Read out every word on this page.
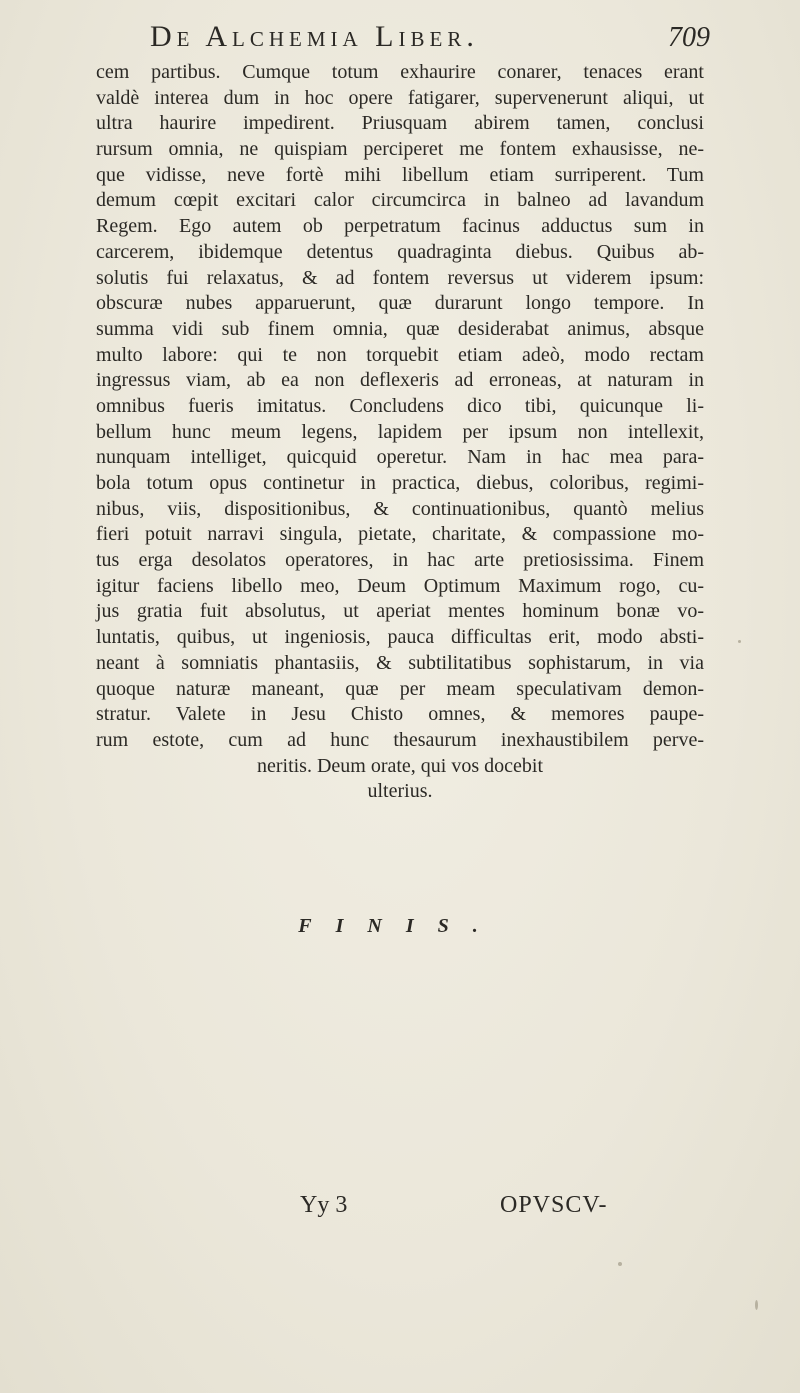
De Alchemia Liber.	709
cem partibus. Cumque totum exhaurire conarer, tenaces erant
valdè interea dum in hoc opere fatigarer, supervenerunt aliqui, ut
ultra haurire impedirent. Priusquam abirem tamen, conclusi
rursum omnia, ne quispiam perciperet me fontem exhausisse, ne-
que vidisse, neve fortè mihi libellum etiam surriperent. Tum
demum cœpit excitari calor circumcirca in balneo ad lavandum
Regem. Ego autem ob perpetratum facinus adductus sum in
carcerem, ibidemque detentus quadraginta diebus. Quibus ab-
solutis fui relaxatus, & ad fontem reversus ut viderem ipsum:
obscuræ nubes apparuerunt, quæ durarunt longo tempore. In
summa vidi sub finem omnia, quæ desiderabat animus, absque
multo labore: qui te non torquebit etiam adeò, modo rectam
ingressus viam, ab ea non deflexeris ad erroneas, at naturam in
omnibus fueris imitatus. Concludens dico tibi, quicunque li-
bellum hunc meum legens, lapidem per ipsum non intellexit,
nunquam intelliget, quicquid operetur. Nam in hac mea para-
bola totum opus continetur in practica, diebus, coloribus, regimi-
nibus, viis, dispositionibus, & continuationibus, quantò melius
fieri potuit narravi singula, pietate, charitate, & compassione mo-
tus erga desolatos operatores, in hac arte pretiosissima. Finem
igitur faciens libello meo, Deum Optimum Maximum rogo, cu-
jus gratia fuit absolutus, ut aperiat mentes hominum bonæ vo-
luntatis, quibus, ut ingeniosis, pauca difficultas erit, modo absti-
neant à somniatis phantasiis, & subtilitatibus sophistarum, in via
quoque naturæ maneant, quæ per meam speculativam demon-
stratur. Valete in Jesu Chisto omnes, & memores paupe-
rum estote, cum ad hunc thesaurum inexhaustibilem perve-
neritis. Deum orate, qui vos docebit
ulterius.
FINIS.
Yy 3	OPVSCV-
